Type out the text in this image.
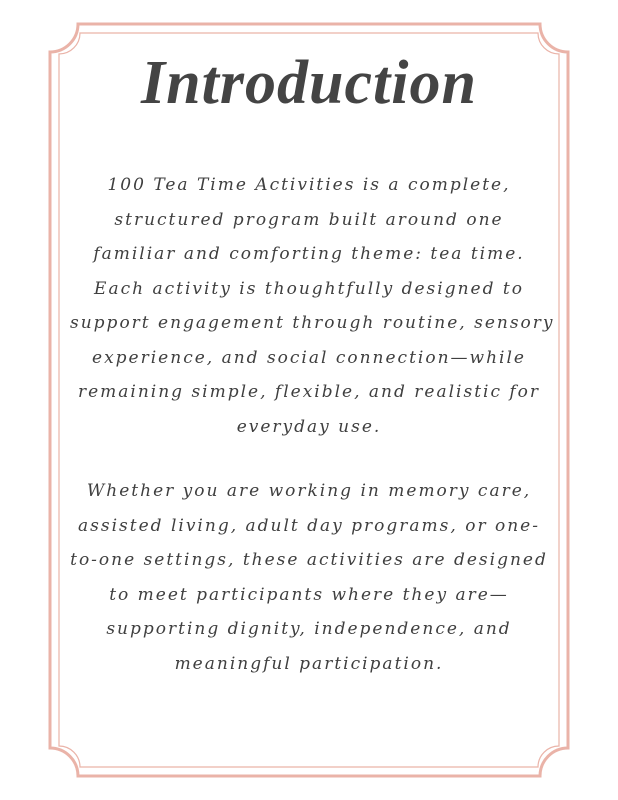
Introduction
100 Tea Time Activities is a complete,
structured program built around one
familiar and comforting theme: tea time.
Each activity is thoughtfully designed to
support engagement through routine, sensory
experience, and social connection—while
remaining simple, flexible, and realistic for
everyday use.
Whether you are working in memory care,
assisted living, adult day programs, or one-
to-one settings, these activities are designed
to meet participants where they are—
supporting dignity, independence, and
meaningful participation.
